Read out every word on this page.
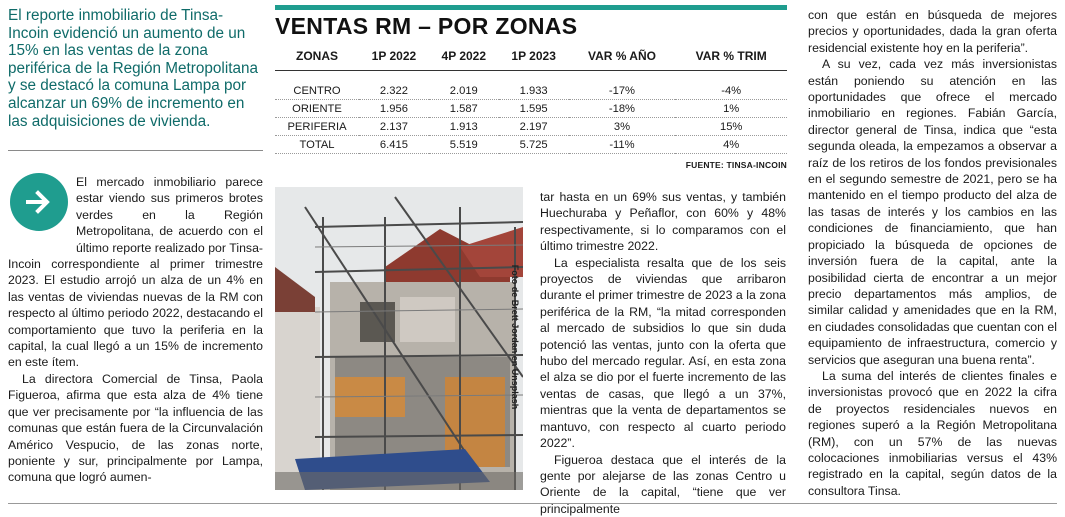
El reporte inmobiliario de Tinsa-Incoin evidenció un aumento de un 15% en las ventas de la zona periférica de la Región Metropolitana y se destacó la comuna Lampa por alcanzar un 69% de incremento en las adquisiciones de vivienda.

El mercado inmobiliario parece estar viendo sus primeros brotes verdes en la Región Metropolitana, de acuerdo con el último reporte realizado por Tinsa-Incoin correspondiente al primer trimestre 2023. El estudio arrojó un alza de un 4% en las ventas de viviendas nuevas de la RM con respecto al último periodo 2022, destacando el comportamiento que tuvo la periferia en la capital, la cual llegó a un 15% de incremento en este ítem.

La directora Comercial de Tinsa, Paola Figueroa, afirma que esta alza de 4% tiene que ver precisamente por “la influencia de las comunas que están fuera de la Circunvalación Américo Vespucio, de las zonas norte, poniente y sur, principalmente por Lampa, comuna que logró aumen-

VENTAS RM – POR ZONAS
ZONAS	1P 2022	4P 2022	1P 2023	VAR % AÑO	VAR % TRIM

CENTRO	2.322	2.019	1.933	-17%	-4%
ORIENTE	1.956	1.587	1.595	-18%	1%
PERIFERIA	2.137	1.913	2.197	3%	15%
TOTAL	6.415	5.519	5.725	-11%	4%
FUENTE: TINSA-INCOIN
Foto de Brett Jordan en Unsplash

tar hasta en un 69% sus ventas, y también Huechuraba y Peñaflor, con 60% y 48% respectivamente, si lo comparamos con el último trimestre 2022.

La especialista resalta que de los seis proyectos de viviendas que arribaron durante el primer trimestre de 2023 a la zona periférica de la RM, “la mitad corresponden al mercado de subsidios lo que sin duda potenció las ventas, junto con la oferta que hubo del mercado regular. Así, en esta zona el alza se dio por el fuerte incremento de las ventas de casas, que llegó a un 37%, mientras que la venta de departamentos se mantuvo, con respecto al cuarto periodo 2022”.

Figueroa destaca que el interés de la gente por alejarse de las zonas Centro u Oriente de la capital, “tiene que ver principalmente

con que están en búsqueda de mejores precios y oportunidades, dada la gran oferta residencial existente hoy en la periferia”.

A su vez, cada vez más inversionistas están poniendo su atención en las oportunidades que ofrece el mercado inmobiliario en regiones. Fabián García, director general de Tinsa, indica que “esta segunda oleada, la empezamos a observar a raíz de los retiros de los fondos previsionales en el segundo semestre de 2021, pero se ha mantenido en el tiempo producto del alza de las tasas de interés y los cambios en las condiciones de financiamiento, que han propiciado la búsqueda de opciones de inversión fuera de la capital, ante la posibilidad cierta de encontrar a un mejor precio departamentos más amplios, de similar calidad y amenidades que en la RM, en ciudades consolidadas que cuentan con el equipamiento de infraestructura, comercio y servicios que aseguran una buena renta”.

La suma del interés de clientes finales e inversionistas provocó que en 2022 la cifra de proyectos residenciales nuevos en regiones superó a la Región Metropolitana (RM), con un 57% de las nuevas colocaciones inmobiliarias versus el 43% registrado en la capital, según datos de la consultora Tinsa.
